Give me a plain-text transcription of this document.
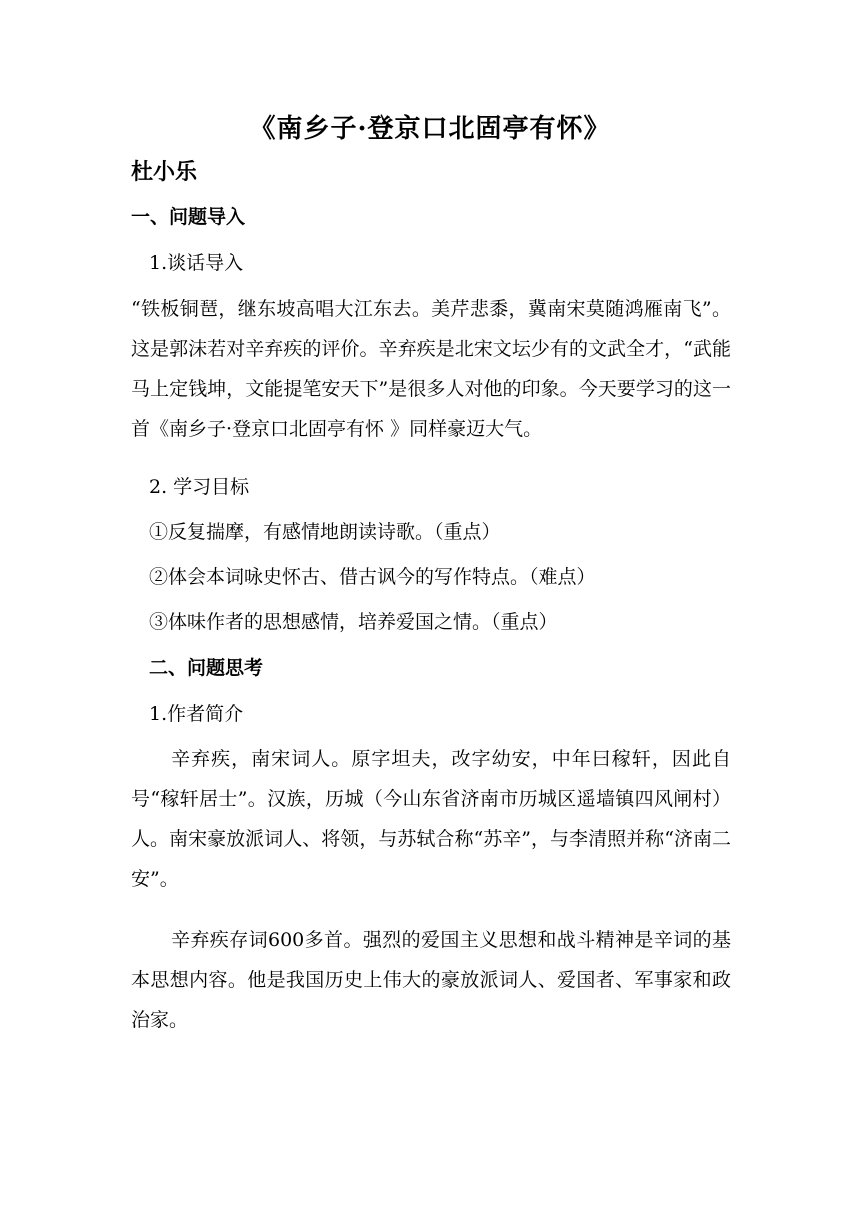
《南乡子·登京口北固亭有怀》
杜小乐
一、问题导入
1.谈话导入

“铁板铜琶，继东坡高唱大江东去。美芹悲黍，冀南宋莫随鸿雁南飞”。这是郭沫若对辛弃疾的评价。辛弃疾是北宋文坛少有的文武全才，“武能马上定钱坤，文能提笔安天下”是很多人对他的印象。今天要学习的这一首《南乡子·登京口北固亭有怀 》同样豪迈大气。

2. 学习目标
①反复揣摩，有感情地朗读诗歌。（重点）
②体会本词咏史怀古、借古讽今的写作特点。（难点）
③体味作者的思想感情，培养爱国之情。（重点）
二、问题思考
1.作者简介

辛弃疾，南宋词人。原字坦夫，改字幼安，中年曰稼轩，因此自号“稼轩居士”。汉族，历城（今山东省济南市历城区遥墙镇四风闸村）人。南宋豪放派词人、将领，与苏轼合称“苏辛”，与李清照并称“济南二安”。

辛弃疾存词600多首。强烈的爱国主义思想和战斗精神是辛词的基本思想内容。他是我国历史上伟大的豪放派词人、爱国者、军事家和政治家。
